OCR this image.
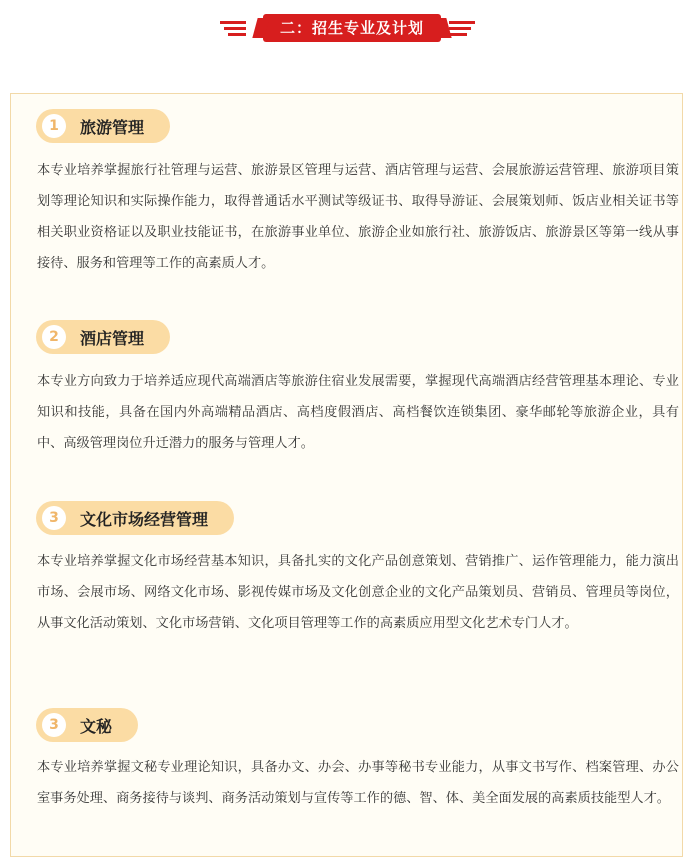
二：招生专业及计划
1	旅游管理

本专业培养掌握旅行社管理与运营、旅游景区管理与运营、酒店管理与运营、会展旅游运营管理、旅游项目策划等理论知识和实际操作能力，取得普通话水平测试等级证书、取得导游证、会展策划师、饭店业相关证书等相关职业资格证以及职业技能证书，在旅游事业单位、旅游企业如旅行社、旅游饭店、旅游景区等第一线从事接待、服务和管理等工作的高素质人才。

2	酒店管理

本专业方向致力于培养适应现代高端酒店等旅游住宿业发展需要，掌握现代高端酒店经营管理基本理论、专业知识和技能，具备在国内外高端精品酒店、高档度假酒店、高档餐饮连锁集团、豪华邮轮等旅游企业，具有中、高级管理岗位升迁潜力的服务与管理人才。

3	文化市场经营管理

本专业培养掌握文化市场经营基本知识，具备扎实的文化产品创意策划、营销推广、运作管理能力，能力演出市场、会展市场、网络文化市场、影视传媒市场及文化创意企业的文化产品策划员、营销员、管理员等岗位，从事文化活动策划、文化市场营销、文化项目管理等工作的高素质应用型文化艺术专门人才。

3	文秘

本专业培养掌握文秘专业理论知识，具备办文、办会、办事等秘书专业能力，从事文书写作、档案管理、办公室事务处理、商务接待与谈判、商务活动策划与宣传等工作的德、智、体、美全面发展的高素质技能型人才。
